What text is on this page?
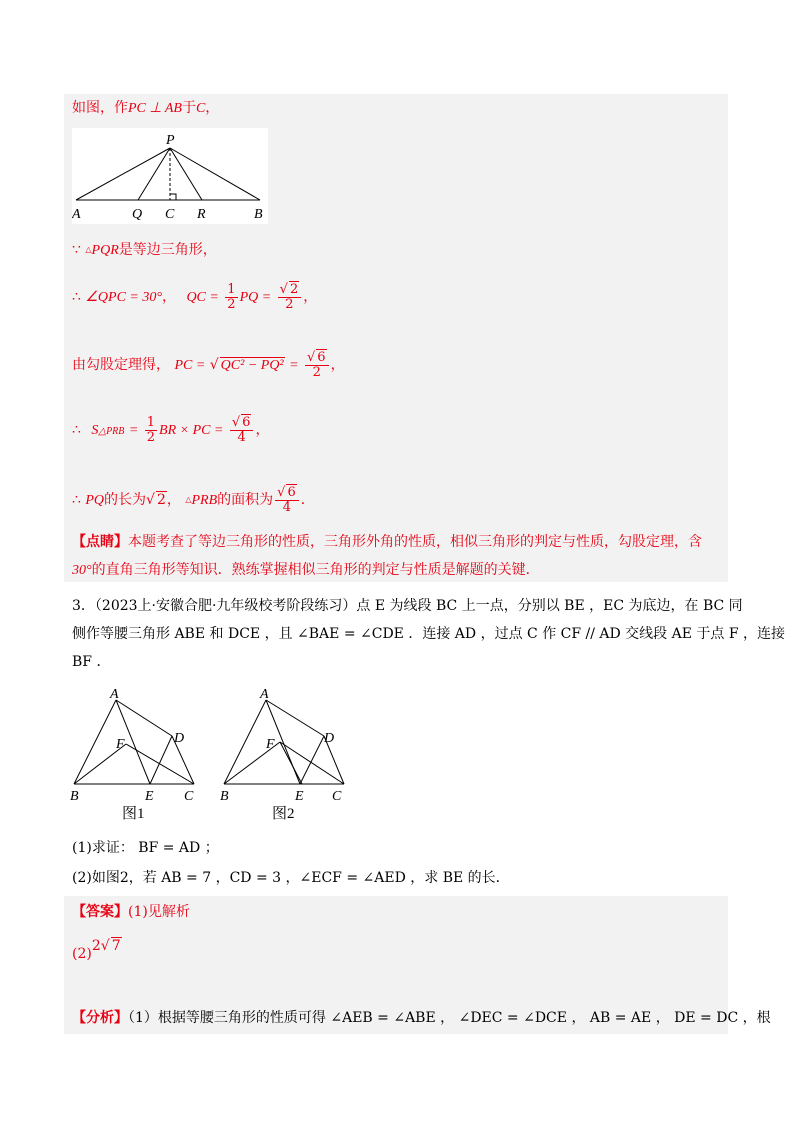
如图，作PC ⊥ AB于C，
P
A	Q C R	B
∵ △PQR是等边三角形，
∴ ∠QPC = 30°， QC = $\frac{1}{2}$ PQ = $\frac{√ 2}{2}$ ，
由勾股定理得， PC = √ $QC^2 - PQ^2 = \frac{√ 6}{2}$ ，
∴ S△PRB = $\frac{1}{2}$ BR × PC = $\frac{√ 6}{4}$ ，
∴ PQ的长为√ 2， △PRB的面积为 $\frac{√ 6}{4}$ ．
【点睛】本题考查了等边三角形的性质，三角形外角的性质，相似三角形的判定与性质，勾股定理，含
30°的直角三角形等知识．熟练掌握相似三角形的判定与性质是解题的关键．
3．（2023上·安徽合肥·九年级校考阶段练习）点 E 为线段 BC 上一点，分别以 BE ，EC 为底边，在 BC 同
侧作等腰三角形 ABE 和 DCE ，且 ∠BAE = ∠CDE ．连接 AD ，过点 C 作 CF // AD 交线段 AE 于点 F ，连接
BF ．
A
D
F
B	E C
图1
A
D
F
B	E C
图2
(1)求证： BF = AD ；
(2)如图2，若 AB = 7 ，CD = 3 ，∠ECF = ∠AED ，求 BE 的长．
【答案】(1)见解析
(2)2√ 7
【分析】（1）根据等腰三角形的性质可得 ∠AEB = ∠ABE ， ∠DEC = ∠DCE ， AB = AE ， DE = DC ，根
